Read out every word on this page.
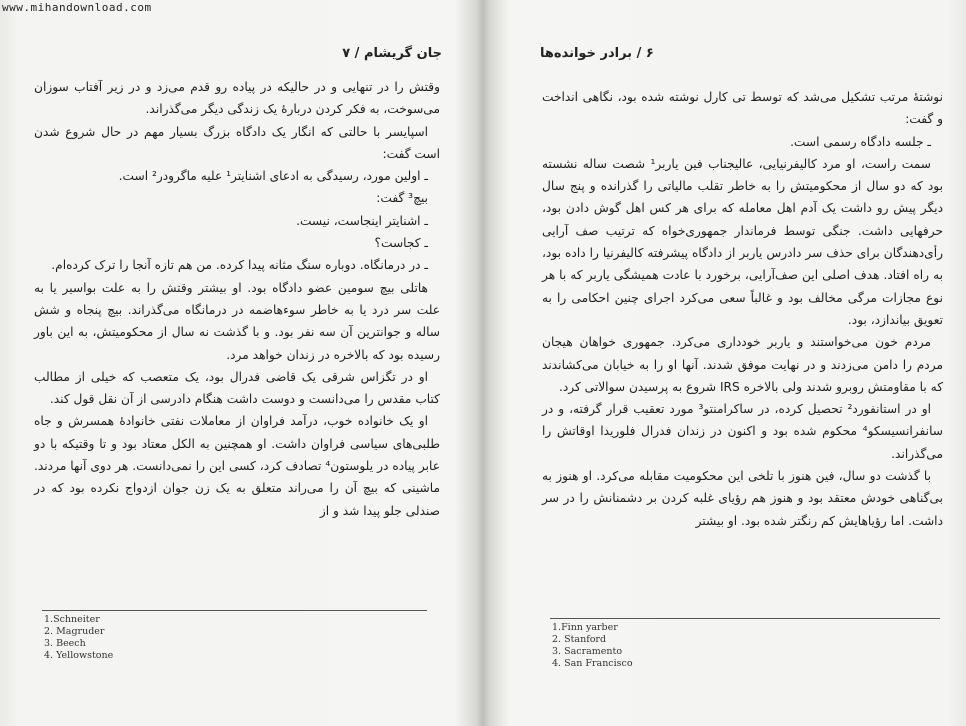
www.mihandownload.com
جان گریشام / ۷

وقتش را در تنهایی و در حالیکه در پیاده رو قدم می‌زد و در زیر آفتاب سوزان می‌سوخت، به فکر کردن دربارهٔ یک زندگی دیگر می‌گذراند.

اسپایسر با حالتی که انگار یک دادگاه بزرگ بسیار مهم در حال شروع شدن است گفت:

ـ اولین مورد، رسیدگی به ادعای اشنایتر¹ علیه ماگرودر² است.

بیچ³ گفت:

ـ اشنایتر اینجاست، نیست.

ـ کجاست؟

ـ در درمانگاه. دوباره سنگ مثانه پیدا کرده. من هم تازه آنجا را ترک کرده‌ام.

هاتلی بیچ سومین عضو دادگاه بود. او بیشتر وقتش را به علت بواسیر یا به علت سر درد یا به خاطر سوءهاضمه در درمانگاه می‌گذراند. بیچ پنجاه و شش ساله و جوانترین آن سه نفر بود. و با گذشت نه سال از محکومیتش، به این باور رسیده بود که بالاخره در زندان خواهد مرد.

او در تگزاس شرقی یک قاضی فدرال بود، یک متعصب که خیلی از مطالب کتاب مقدس را می‌دانست و دوست داشت هنگام دادرسی از آن نقل قول کند.

او یک خانواده خوب، درآمد فراوان از معاملات نفتی خانوادهٔ همسرش و جاه طلبی‌های سیاسی فراوان داشت. او همچنین به الکل معتاد بود و تا وقتیکه با دو عابر پیاده در یلوستون⁴ تصادف کرد، کسی این را نمی‌دانست. هر دوی آنها مردند. ماشینی که بیچ آن را می‌راند متعلق به یک زن جوان ازدواج نکرده بود که در صندلی جلو پیدا شد و از

1.Schneiter
2. Magruder
3. Beech
4. Yellowstone
۶ / برادر خوانده‌ها

نوشتهٔ مرتب تشکیل می‌شد که توسط تی کارل نوشته شده بود، نگاهی انداخت و گفت:

ـ جلسه دادگاه رسمی است.

سمت راست، او مرد کالیفرنیایی، عالیجناب فین یاربر¹ شصت ساله نشسته بود که دو سال از محکومیتش را به خاطر تقلب مالیاتی را گذرانده و پنج سال دیگر پیش رو داشت یک آدم اهل معامله که برای هر کس اهل گوش دادن بود، حرفهایی داشت. جنگی توسط فرماندار جمهوری‌خواه که ترتیب صف آرایی رأی‌دهندگان برای حذف سر دادرس یاربر از دادگاه پیشرفته کالیفرنیا را داده بود، به راه افتاد. هدف اصلی این صف‌آرایی، برخورد با عادت همیشگی یاربر که با هر نوع مجازات مرگی مخالف بود و غالباً سعی می‌کرد اجرای چنین احکامی را به تعویق بیاندازد، بود.

مردم خون می‌خواستند و یاربر خودداری می‌کرد. جمهوری خواهان هیجان مردم را دامن می‌زدند و در نهایت موفق شدند. آنها او را به خیابان می‌کشاندند که با مقاومتش روبرو شدند ولی بالاخره IRS شروع به پرسیدن سوالاتی کرد.

او در استانفورد² تحصیل کرده، در ساکرامنتو³ مورد تعقیب قرار گرفته، و در سانفرانسیسکو⁴ محکوم شده بود و اکنون در زندان فدرال فلوریدا اوقاتش را می‌گذراند.

با گذشت دو سال، فین هنوز با تلخی این محکومیت مقابله می‌کرد. او هنوز به بی‌گناهی خودش معتقد بود و هنوز هم رؤیای غلبه کردن بر دشمنانش را در سر داشت. اما رؤیاهایش کم رنگتر شده بود. او بیشتر

1.Finn yarber
2. Stanford
3. Sacramento
4. San Francisco
